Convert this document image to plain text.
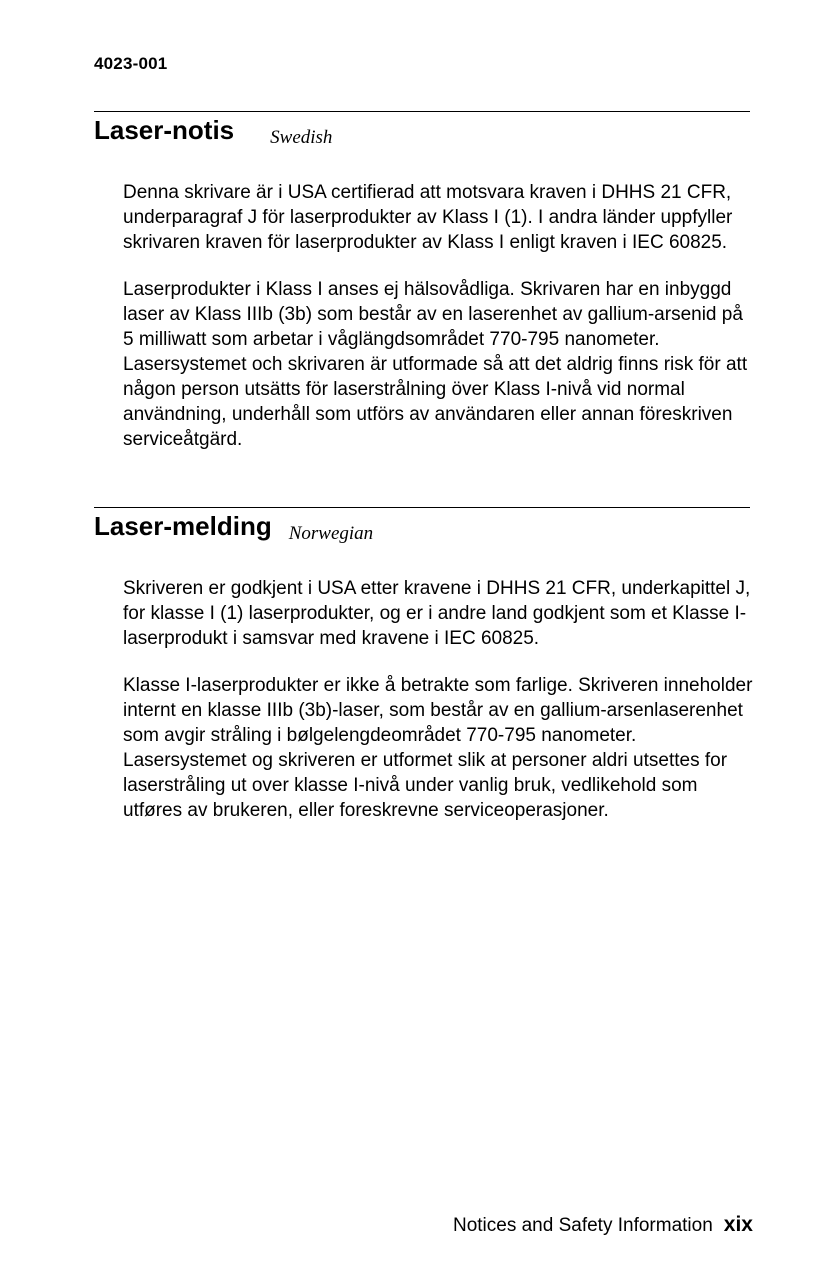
4023-001
Laser-notis Swedish

Denna skrivare är i USA certifierad att motsvara kraven i DHHS 21 CFR, underparagraf J för laserprodukter av Klass I (1). I andra länder uppfyller skrivaren kraven för laserprodukter av Klass I enligt kraven i IEC 60825.

Laserprodukter i Klass I anses ej hälsovådliga. Skrivaren har en inbyggd laser av Klass IIIb (3b) som består av en laserenhet av gallium-arsenid på 5 milliwatt som arbetar i våglängdsområdet 770-795 nanometer. Lasersystemet och skrivaren är utformade så att det aldrig finns risk för att någon person utsätts för laserstrålning över Klass I-nivå vid normal användning, underhåll som utförs av användaren eller annan föreskriven serviceåtgärd.

Laser-melding Norwegian

Skriveren er godkjent i USA etter kravene i DHHS 21 CFR, underkapittel J, for klasse I (1) laserprodukter, og er i andre land godkjent som et Klasse I-laserprodukt i samsvar med kravene i IEC 60825.

Klasse I-laserprodukter er ikke å betrakte som farlige. Skriveren inneholder internt en klasse IIIb (3b)-laser, som består av en gallium-arsenlaserenhet som avgir stråling i bølgelengdeområdet 770-795 nanometer. Lasersystemet og skriveren er utformet slik at personer aldri utsettes for laserstråling ut over klasse I-nivå under vanlig bruk, vedlikehold som utføres av brukeren, eller foreskrevne serviceoperasjoner.

Notices and Safety Information xix
